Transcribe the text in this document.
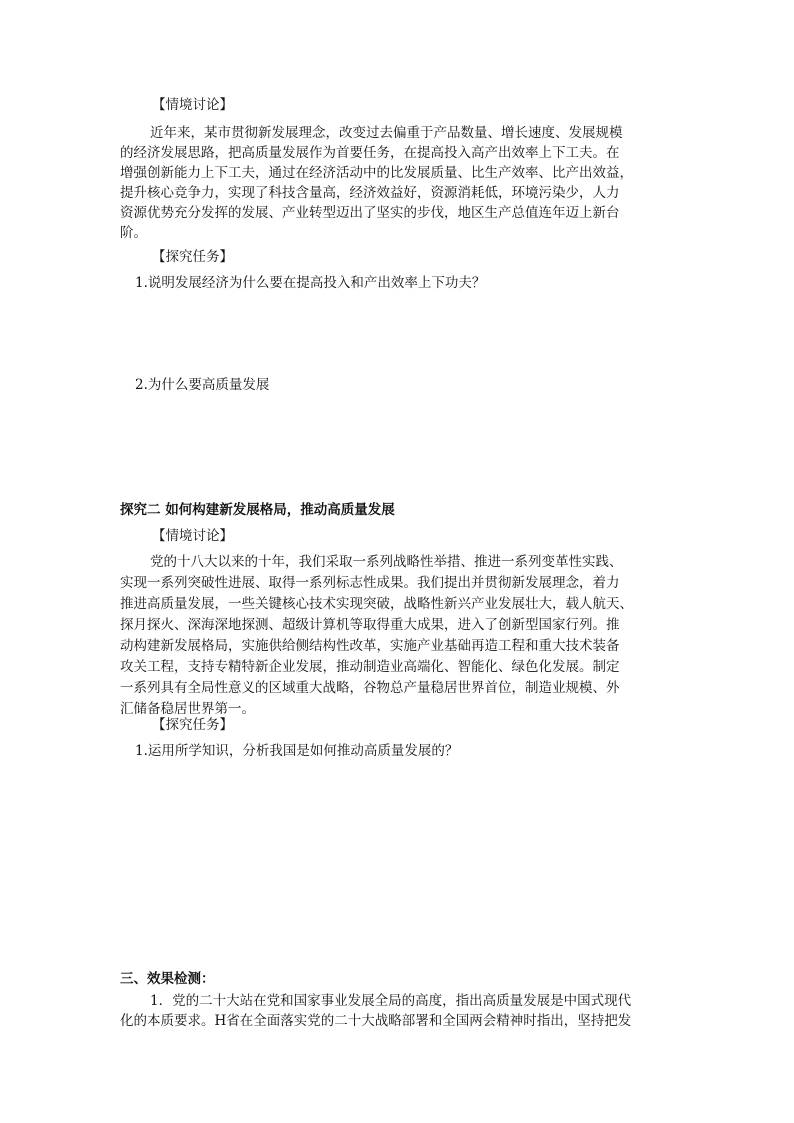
【情境讨论】
近年来，某市贯彻新发展理念，改变过去偏重于产品数量、增长速度、发展规模
的经济发展思路，把高质量发展作为首要任务，在提高投入高产出效率上下工夫。在
增强创新能力上下工夫，通过在经济活动中的比发展质量、比生产效率、比产出效益，
提升核心竞争力，实现了科技含量高，经济效益好，资源消耗低，环境污染少，人力
资源优势充分发挥的发展、产业转型迈出了坚实的步伐，地区生产总值连年迈上新台
阶。
【探究任务】
1.说明发展经济为什么要在提高投入和产出效率上下功夫？
2.为什么要高质量发展
探究二 如何构建新发展格局，推动高质量发展
【情境讨论】
党的十八大以来的十年，我们采取一系列战略性举措、推进一系列变革性实践、
实现一系列突破性进展、取得一系列标志性成果。我们提出并贯彻新发展理念，着力
推进高质量发展，一些关键核心技术实现突破，战略性新兴产业发展壮大，载人航天、
探月探火、深海深地探测、超级计算机等取得重大成果，进入了创新型国家行列。推
动构建新发展格局，实施供给侧结构性改革，实施产业基础再造工程和重大技术装备
攻关工程，支持专精特新企业发展，推动制造业高端化、智能化、绿色化发展。制定
一系列具有全局性意义的区域重大战略，谷物总产量稳居世界首位，制造业规模、外
汇储备稳居世界第一。
【探究任务】
1.运用所学知识，分析我国是如何推动高质量发展的？
三、效果检测：
1．党的二十大站在党和国家事业发展全局的高度，指出高质量发展是中国式现代
化的本质要求。H省在全面落实党的二十大战略部署和全国两会精神时指出，坚持把发
